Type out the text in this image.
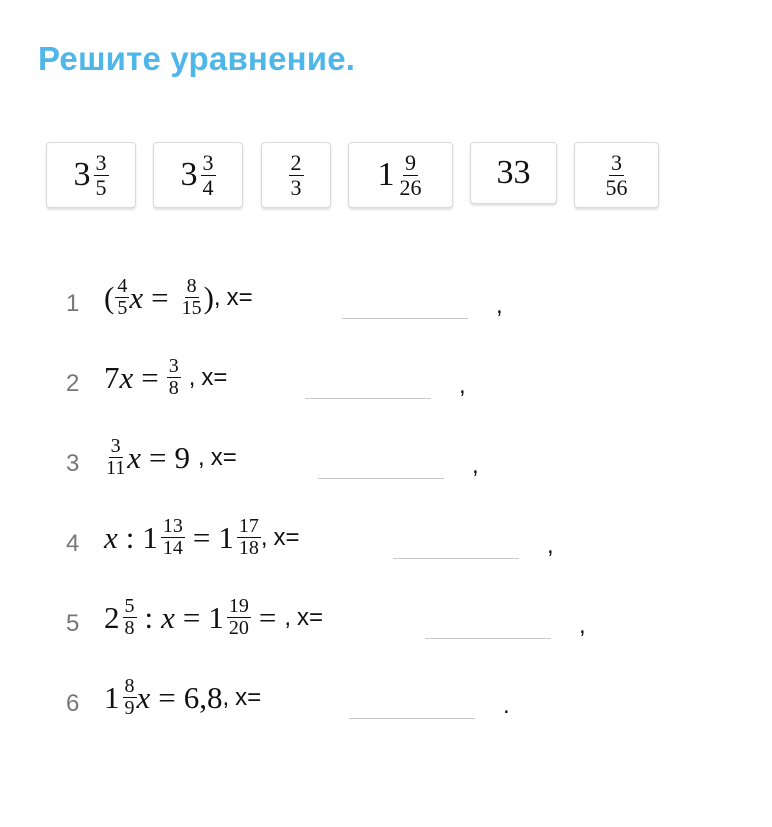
Решите уравнение.
$3 \frac{3}{5} 3 \frac{3}{4}$	$\frac{2}{3} 1 \frac{9}{26} 33$	$\frac{3}{56}$
1 ( $\frac{4}{5}$ $x = \frac{8}{15}$ ) , x=	,
2 7 $x = \frac{3}{8}$ , x=	,
$3 \frac{3}{11}$ x = 9 , x=	,
4 x : $1 \frac{13}{14} = 1 \frac{17}{18}$ , x=	,
5 $2 \frac{5}{8}$ : $x = 1 \frac{19}{20}$ = , x=	,
6 $1 \frac{8}{9}$ x = 6,8 , x=	.
